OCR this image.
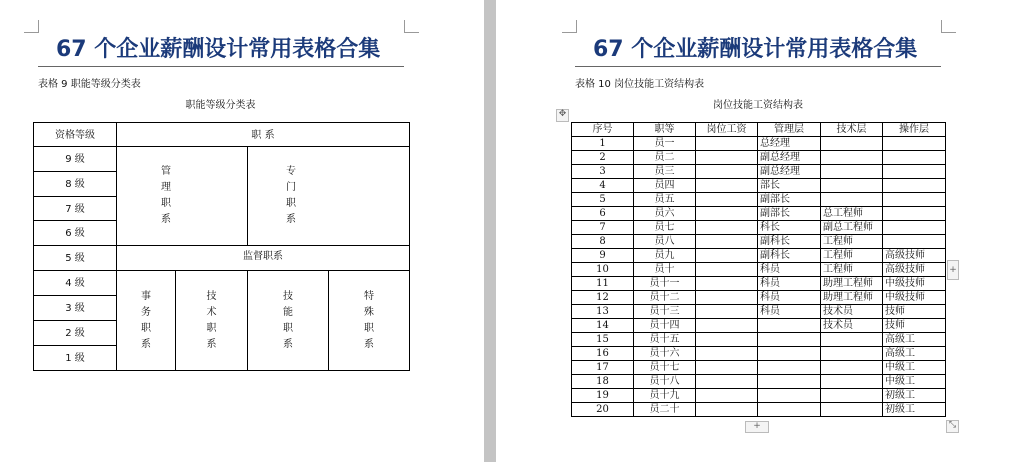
67 个企业薪酬设计常用表格合集
表格 9 职能等级分类表
职能等级分类表
资格等级	职 系			
9 级	管理职系		专门职系	
8 级				
7 级				
6 级				
5 级	监督职系			
4 级	事务职系	技术职系	技能职系	特殊职系
3 级				
2 级				
1 级				
67 个企业薪酬设计常用表格合集
表格 10 岗位技能工资结构表
岗位技能工资结构表
✥
序号	职等	岗位工资	管理层	技术层	操作层
1	员一		总经理		
2	员二		副总经理		
3	员三		副总经理		
4	员四		部长		
5	员五		副部长		
6	员六		副部长	总工程师	
7	员七		科长	副总工程师	
8	员八		副科长	工程师	
9	员九		副科长	工程师	高级技师
10	员十		科员	工程师	高级技师
11	员十一		科员	助理工程师	中级技师
12	员十二		科员	助理工程师	中级技师
13	员十三		科员	技术员	技师
14	员十四			技术员	技师
15	员十五				高级工
16	员十六				高级工
17	员十七				中级工
18	员十八				中级工
19	员十九				初级工
20	员二十				初级工
+
+	⤡
